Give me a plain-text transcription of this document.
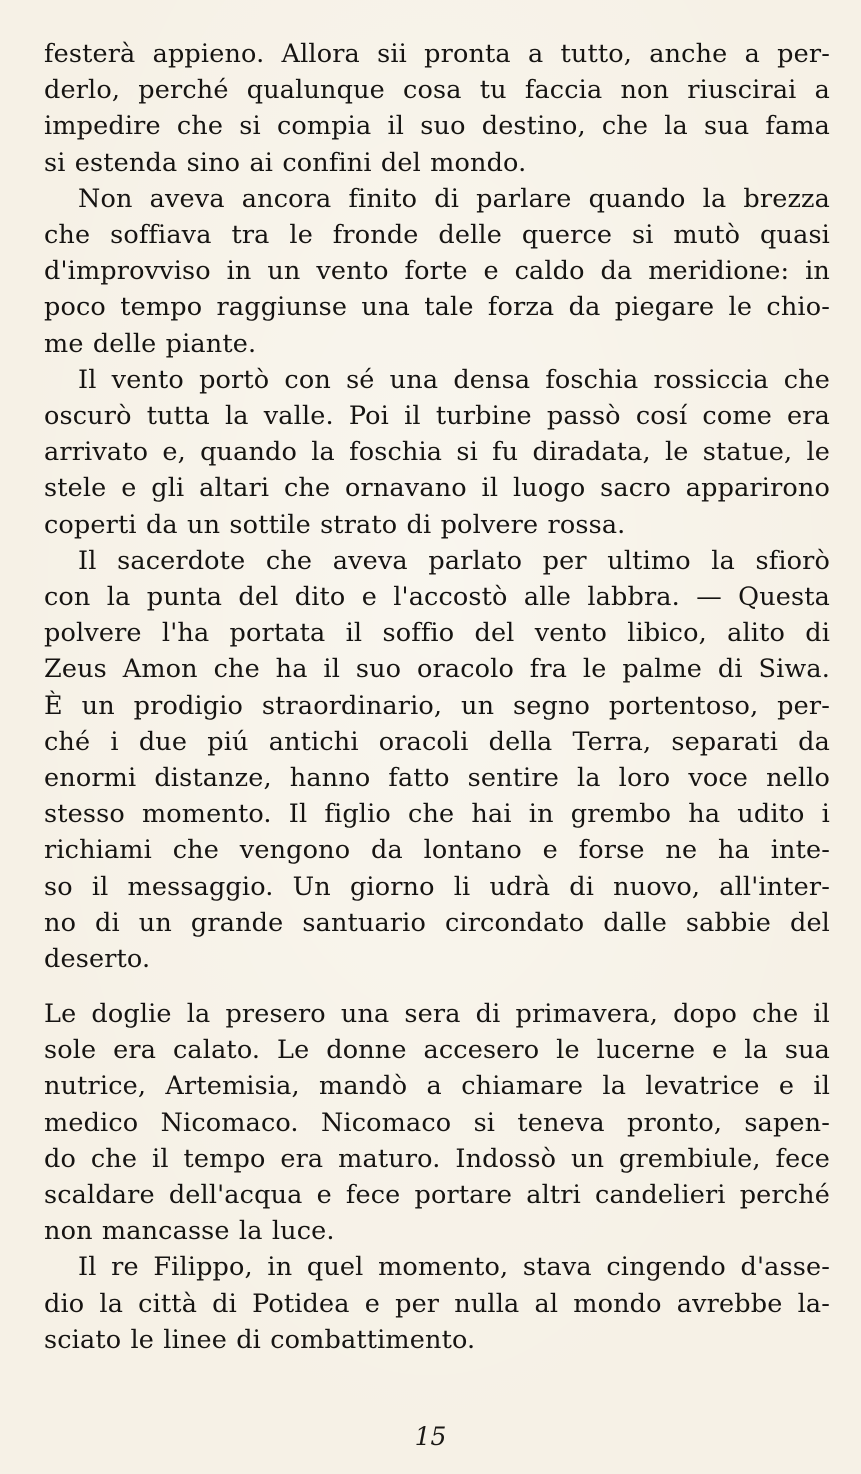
festerà appieno. Allora sii pronta a tutto, anche a per-
derlo, perché qualunque cosa tu faccia non riuscirai a
impedire che si compia il suo destino, che la sua fama
si estenda sino ai confini del mondo.
Non aveva ancora finito di parlare quando la brezza
che soffiava tra le fronde delle querce si mutò quasi
d'improvviso in un vento forte e caldo da meridione: in
poco tempo raggiunse una tale forza da piegare le chio-
me delle piante.
Il vento portò con sé una densa foschia rossiccia che
oscurò tutta la valle. Poi il turbine passò cosí come era
arrivato e, quando la foschia si fu diradata, le statue, le
stele e gli altari che ornavano il luogo sacro apparirono
coperti da un sottile strato di polvere rossa.
Il sacerdote che aveva parlato per ultimo la sfiorò
con la punta del dito e l'accostò alle labbra. — Questa
polvere l'ha portata il soffio del vento libico, alito di
Zeus Amon che ha il suo oracolo fra le palme di Siwa.
È un prodigio straordinario, un segno portentoso, per-
ché i due piú antichi oracoli della Terra, separati da
enormi distanze, hanno fatto sentire la loro voce nello
stesso momento. Il figlio che hai in grembo ha udito i
richiami che vengono da lontano e forse ne ha inte-
so il messaggio. Un giorno li udrà di nuovo, all'inter-
no di un grande santuario circondato dalle sabbie del
deserto.
Le doglie la presero una sera di primavera, dopo che il
sole era calato. Le donne accesero le lucerne e la sua
nutrice, Artemisia, mandò a chiamare la levatrice e il
medico Nicomaco. Nicomaco si teneva pronto, sapen-
do che il tempo era maturo. Indossò un grembiule, fece
scaldare dell'acqua e fece portare altri candelieri perché
non mancasse la luce.
Il re Filippo, in quel momento, stava cingendo d'asse-
dio la città di Potidea e per nulla al mondo avrebbe la-
sciato le linee di combattimento.
15
